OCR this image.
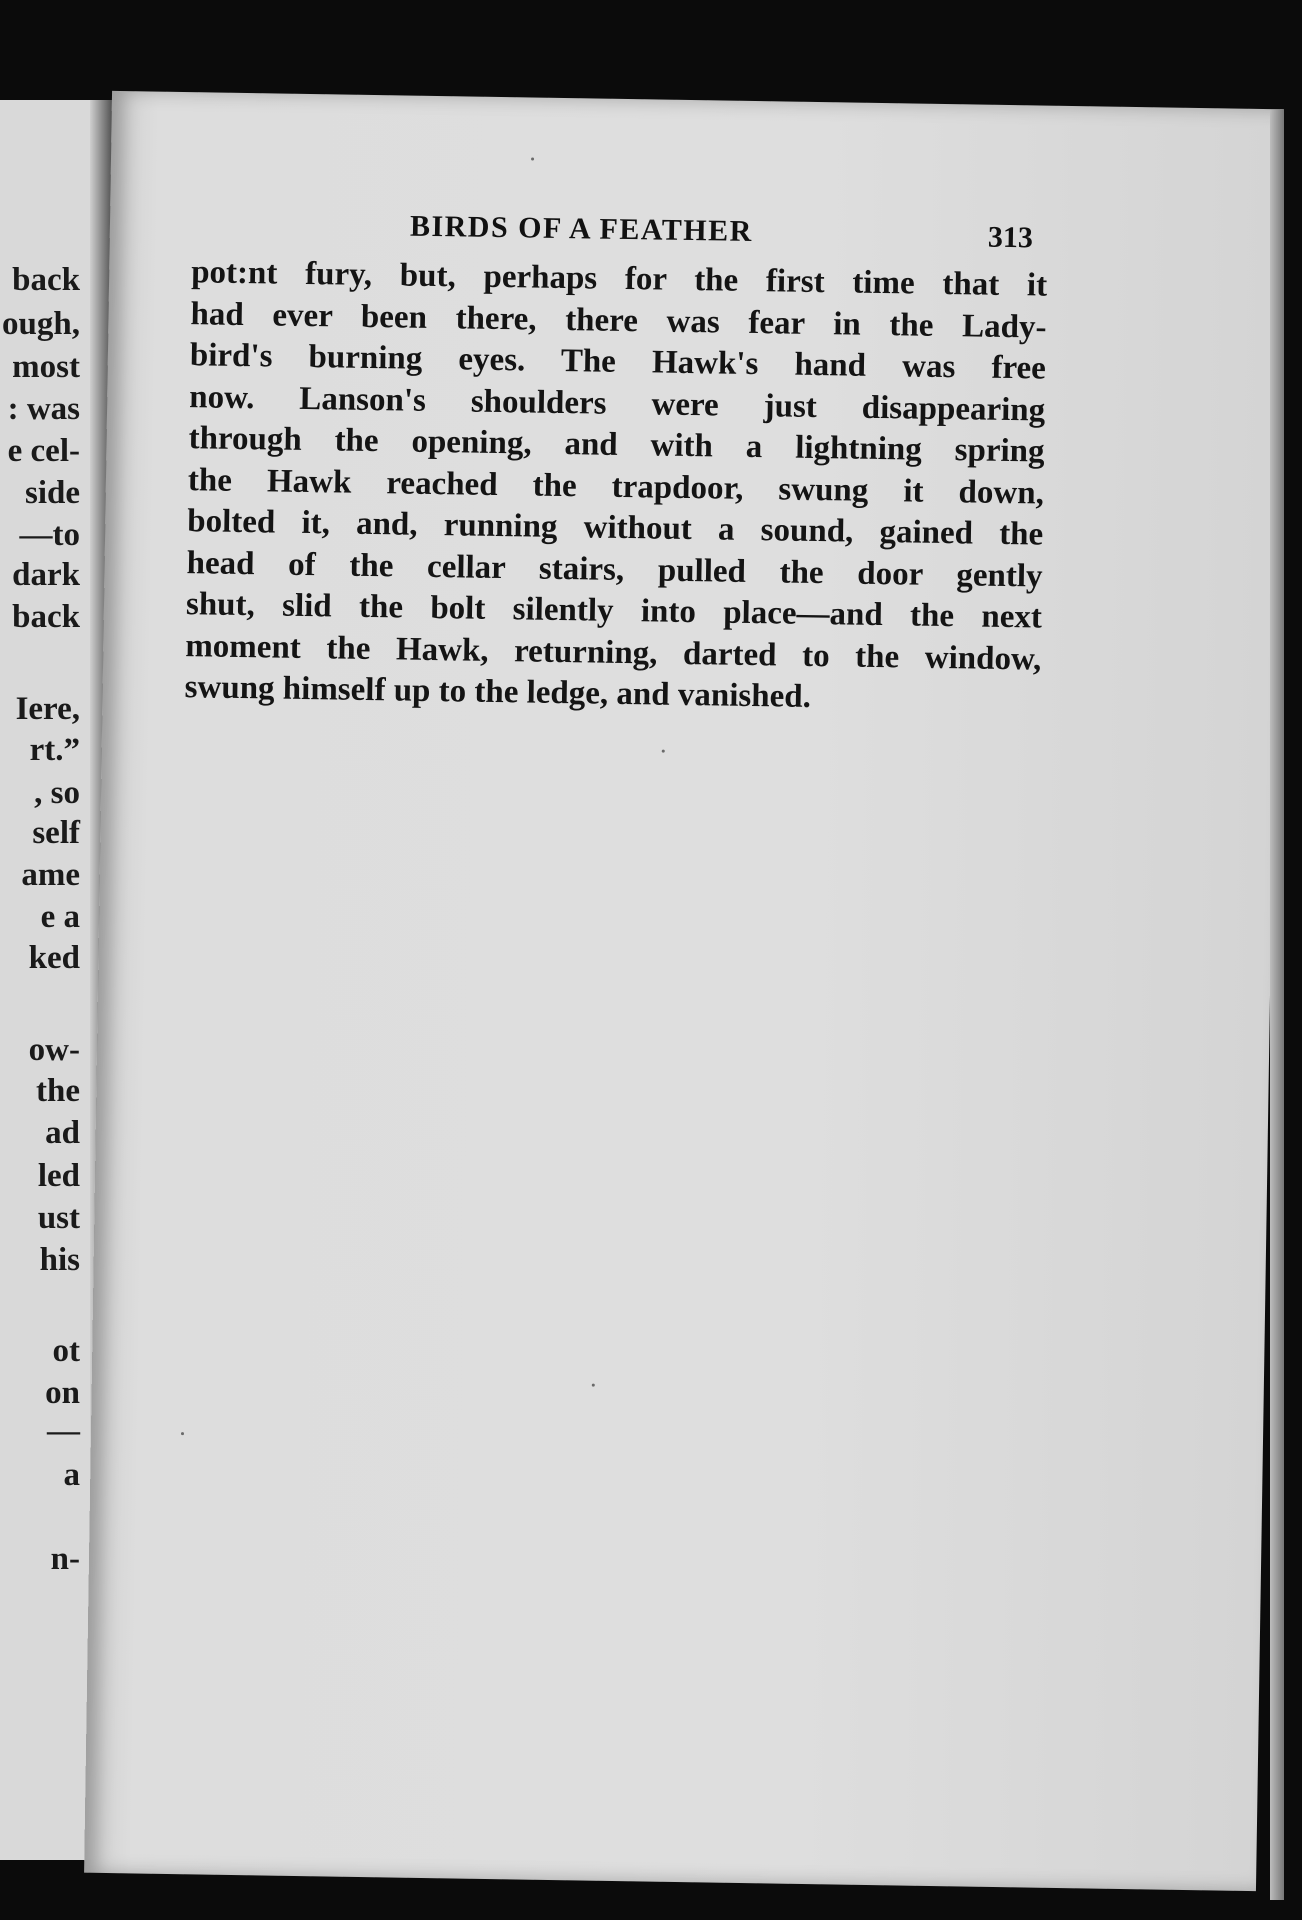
back
ough,
most
: was
e cel-
side
—to
dark
back
Iere,
rt.”
, so
self
ame
e a
ked
ow-
the
ad
led
ust
his
ot
on
—
a
n-
BIRDS OF A FEATHER	313
pot:nt fury, but, perhaps for the first time that it
had ever been there, there was fear in the Lady-
bird's burning eyes. The Hawk's hand was free
now. Lanson's shoulders were just disappearing
through the opening, and with a lightning spring
the Hawk reached the trapdoor, swung it down,
bolted it, and, running without a sound, gained the
head of the cellar stairs, pulled the door gently
shut, slid the bolt silently into place—and the next
moment the Hawk, returning, darted to the window,
swung himself up to the ledge, and vanished.
